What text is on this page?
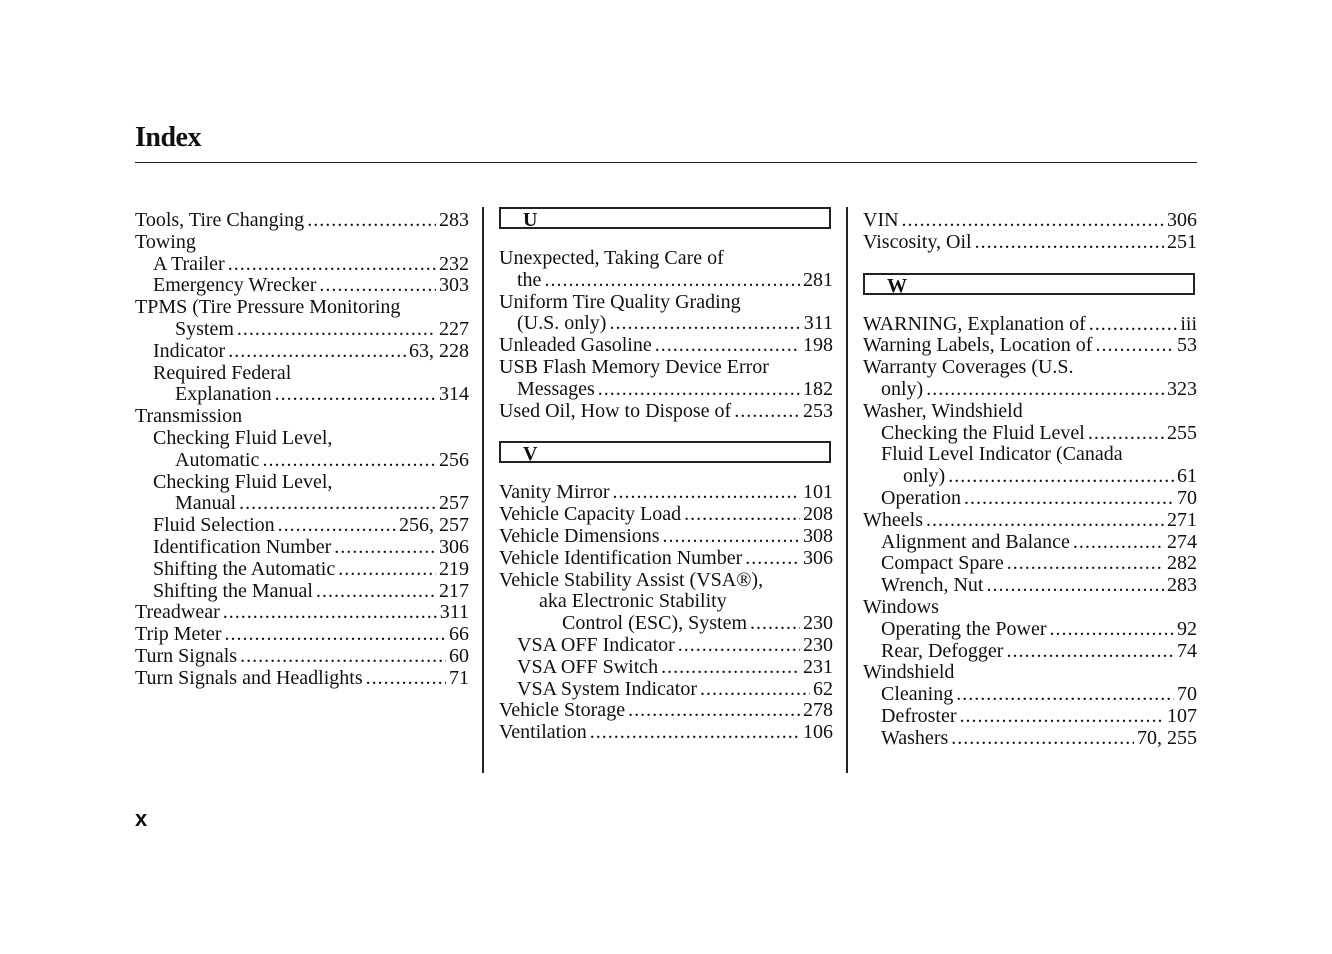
Index
Tools, Tire Changing .....	283
Towing
A Trailer .....	232
Emergency Wrecker .....	303
TPMS (Tire Pressure Monitoring
System .....	227
Indicator .....	63, 228
Required Federal
Explanation .....	314
Transmission
Checking Fluid Level,
Automatic .....	256
Checking Fluid Level,
Manual .....	257
Fluid Selection .....	256, 257
Identification Number .....	306
Shifting the Automatic .....	219
Shifting the Manual .....	217
Treadwear .....	311
Trip Meter .....	66
Turn Signals .....	60
Turn Signals and Headlights .....	71
U
Unexpected, Taking Care of
the .....	281
Uniform Tire Quality Grading
(U.S. only) .....	311
Unleaded Gasoline .....	198
USB Flash Memory Device Error
Messages .....	182
Used Oil, How to Dispose of .....	253
V
Vanity Mirror .....	101
Vehicle Capacity Load .....	208
Vehicle Dimensions .....	308
Vehicle Identification Number .....	306
Vehicle Stability Assist (VSA®),
aka Electronic Stability
Control (ESC), System .....	230
VSA OFF Indicator .....	230
VSA OFF Switch .....	231
VSA System Indicator .....	62
Vehicle Storage .....	278
Ventilation .....	106
VIN .....	306
Viscosity, Oil .....	251
W
WARNING, Explanation of .....	iii
Warning Labels, Location of .....	53
Warranty Coverages (U.S.
only) .....	323
Washer, Windshield
Checking the Fluid Level .....	255
Fluid Level Indicator (Canada
only) .....	61
Operation .....	70
Wheels .....	271
Alignment and Balance .....	274
Compact Spare .....	282
Wrench, Nut .....	283
Windows
Operating the Power .....	92
Rear, Defogger .....	74
Windshield
Cleaning .....	70
Defroster .....	107
Washers .....	70, 255
x
